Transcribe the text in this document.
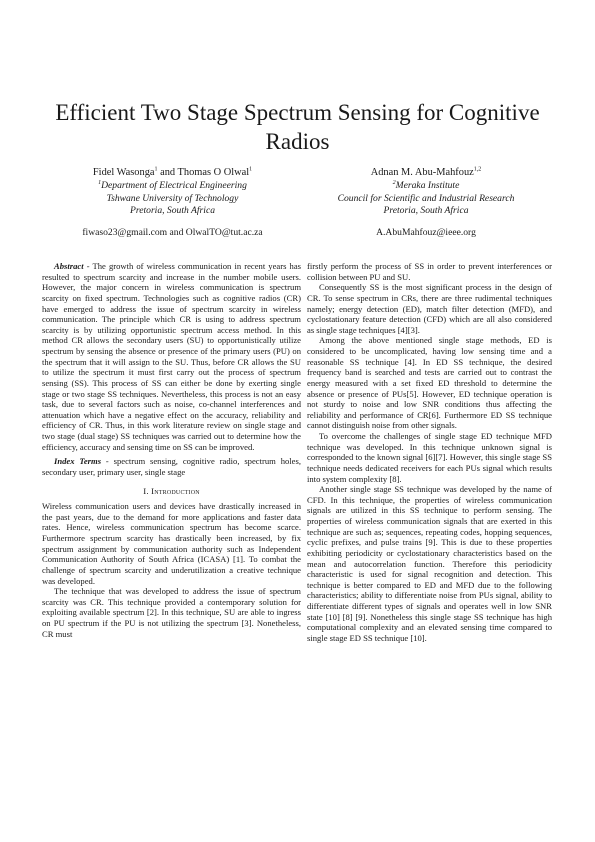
Efficient Two Stage Spectrum Sensing for Cognitive Radios
Fidel Wasonga$^1$ and Thomas O Olwal$^1$
$^1$Department of Electrical Engineering
Tshwane University of Technology
Pretoria, South Africa
fiwaso23@gmail.com and OlwalTO@tut.ac.za
Adnan M. Abu-Mahfouz$^{1,2}$
$^2$Meraka Institute
Council for Scientific and Industrial Research
Pretoria, South Africa
A.AbuMahfouz@ieee.org

Abstract - The growth of wireless communication in recent years has resulted to spectrum scarcity and increase in the number mobile users. However, the major concern in wireless communication is spectrum scarcity on fixed spectrum. Technologies such as cognitive radios (CR) have emerged to address the issue of spectrum scarcity in wireless communication. The principle which CR is using to address spectrum scarcity is by utilizing opportunistic spectrum access method. In this method CR allows the secondary users (SU) to opportunistically utilize spectrum by sensing the absence or presence of the primary users (PU) on the spectrum that it will assign to the SU. Thus, before CR allows the SU to utilize the spectrum it must first carry out the process of spectrum sensing (SS). This process of SS can either be done by exerting single stage or two stage SS techniques. Nevertheless, this process is not an easy task, due to several factors such as noise, co-channel interferences and attenuation which have a negative effect on the accuracy, reliability and efficiency of CR. Thus, in this work literature review on single stage and two stage (dual stage) SS techniques was carried out to determine how the efficiency, accuracy and sensing time on SS can be improved.

Index Terms - spectrum sensing, cognitive radio, spectrum holes, secondary user, primary user, single stage

I. Introduction

Wireless communication users and devices have drastically increased in the past years, due to the demand for more applications and faster data rates. Hence, wireless communication spectrum has become scarce. Furthermore spectrum scarcity has drastically been increased, by fix spectrum assignment by communication authority such as Independent Communication Authority of South Africa (ICASA) [1]. To combat the challenge of spectrum scarcity and underutilization a creative technique was developed.

The technique that was developed to address the issue of spectrum scarcity was CR. This technique provided a contemporary solution for exploiting available spectrum [2]. In this technique, SU are able to ingress on PU spectrum if the PU is not utilizing the spectrum [3]. Nonetheless, CR must

firstly perform the process of SS in order to prevent interferences or collision between PU and SU.

Consequently SS is the most significant process in the design of CR. To sense spectrum in CRs, there are three rudimental techniques namely; energy detection (ED), match filter detection (MFD), and cyclostationary feature detection (CFD) which are all also considered as single stage techniques [4][3].

Among the above mentioned single stage methods, ED is considered to be uncomplicated, having low sensing time and a reasonable SS technique [4]. In ED SS technique, the desired frequency band is searched and tests are carried out to contrast the energy measured with a set fixed ED threshold to determine the absence or presence of PUs[5]. However, ED technique operation is not sturdy to noise and low SNR conditions thus affecting the reliability and performance of CR[6]. Furthermore ED SS technique cannot distinguish noise from other signals.

To overcome the challenges of single stage ED technique MFD technique was developed. In this technique unknown signal is corresponded to the known signal [6][7]. However, this single stage SS technique needs dedicated receivers for each PUs signal which results into system complexity [8].

Another single stage SS technique was developed by the name of CFD. In this technique, the properties of wireless communication signals are utilized in this SS technique to perform sensing. The properties of wireless communication signals that are exerted in this technique are such as; sequences, repeating codes, hopping sequences, cyclic prefixes, and pulse trains [9]. This is due to these properties exhibiting periodicity or cyclostationary characteristics based on the mean and autocorrelation function. Therefore this periodicity characteristic is used for signal recognition and detection. This technique is better compared to ED and MFD due to the following characteristics; ability to differentiate noise from PUs signal, ability to differentiate different types of signals and operates well in low SNR state [10] [8] [9]. Nonetheless this single stage SS technique has high computational complexity and an elevated sensing time compared to single stage ED SS technique [10].
